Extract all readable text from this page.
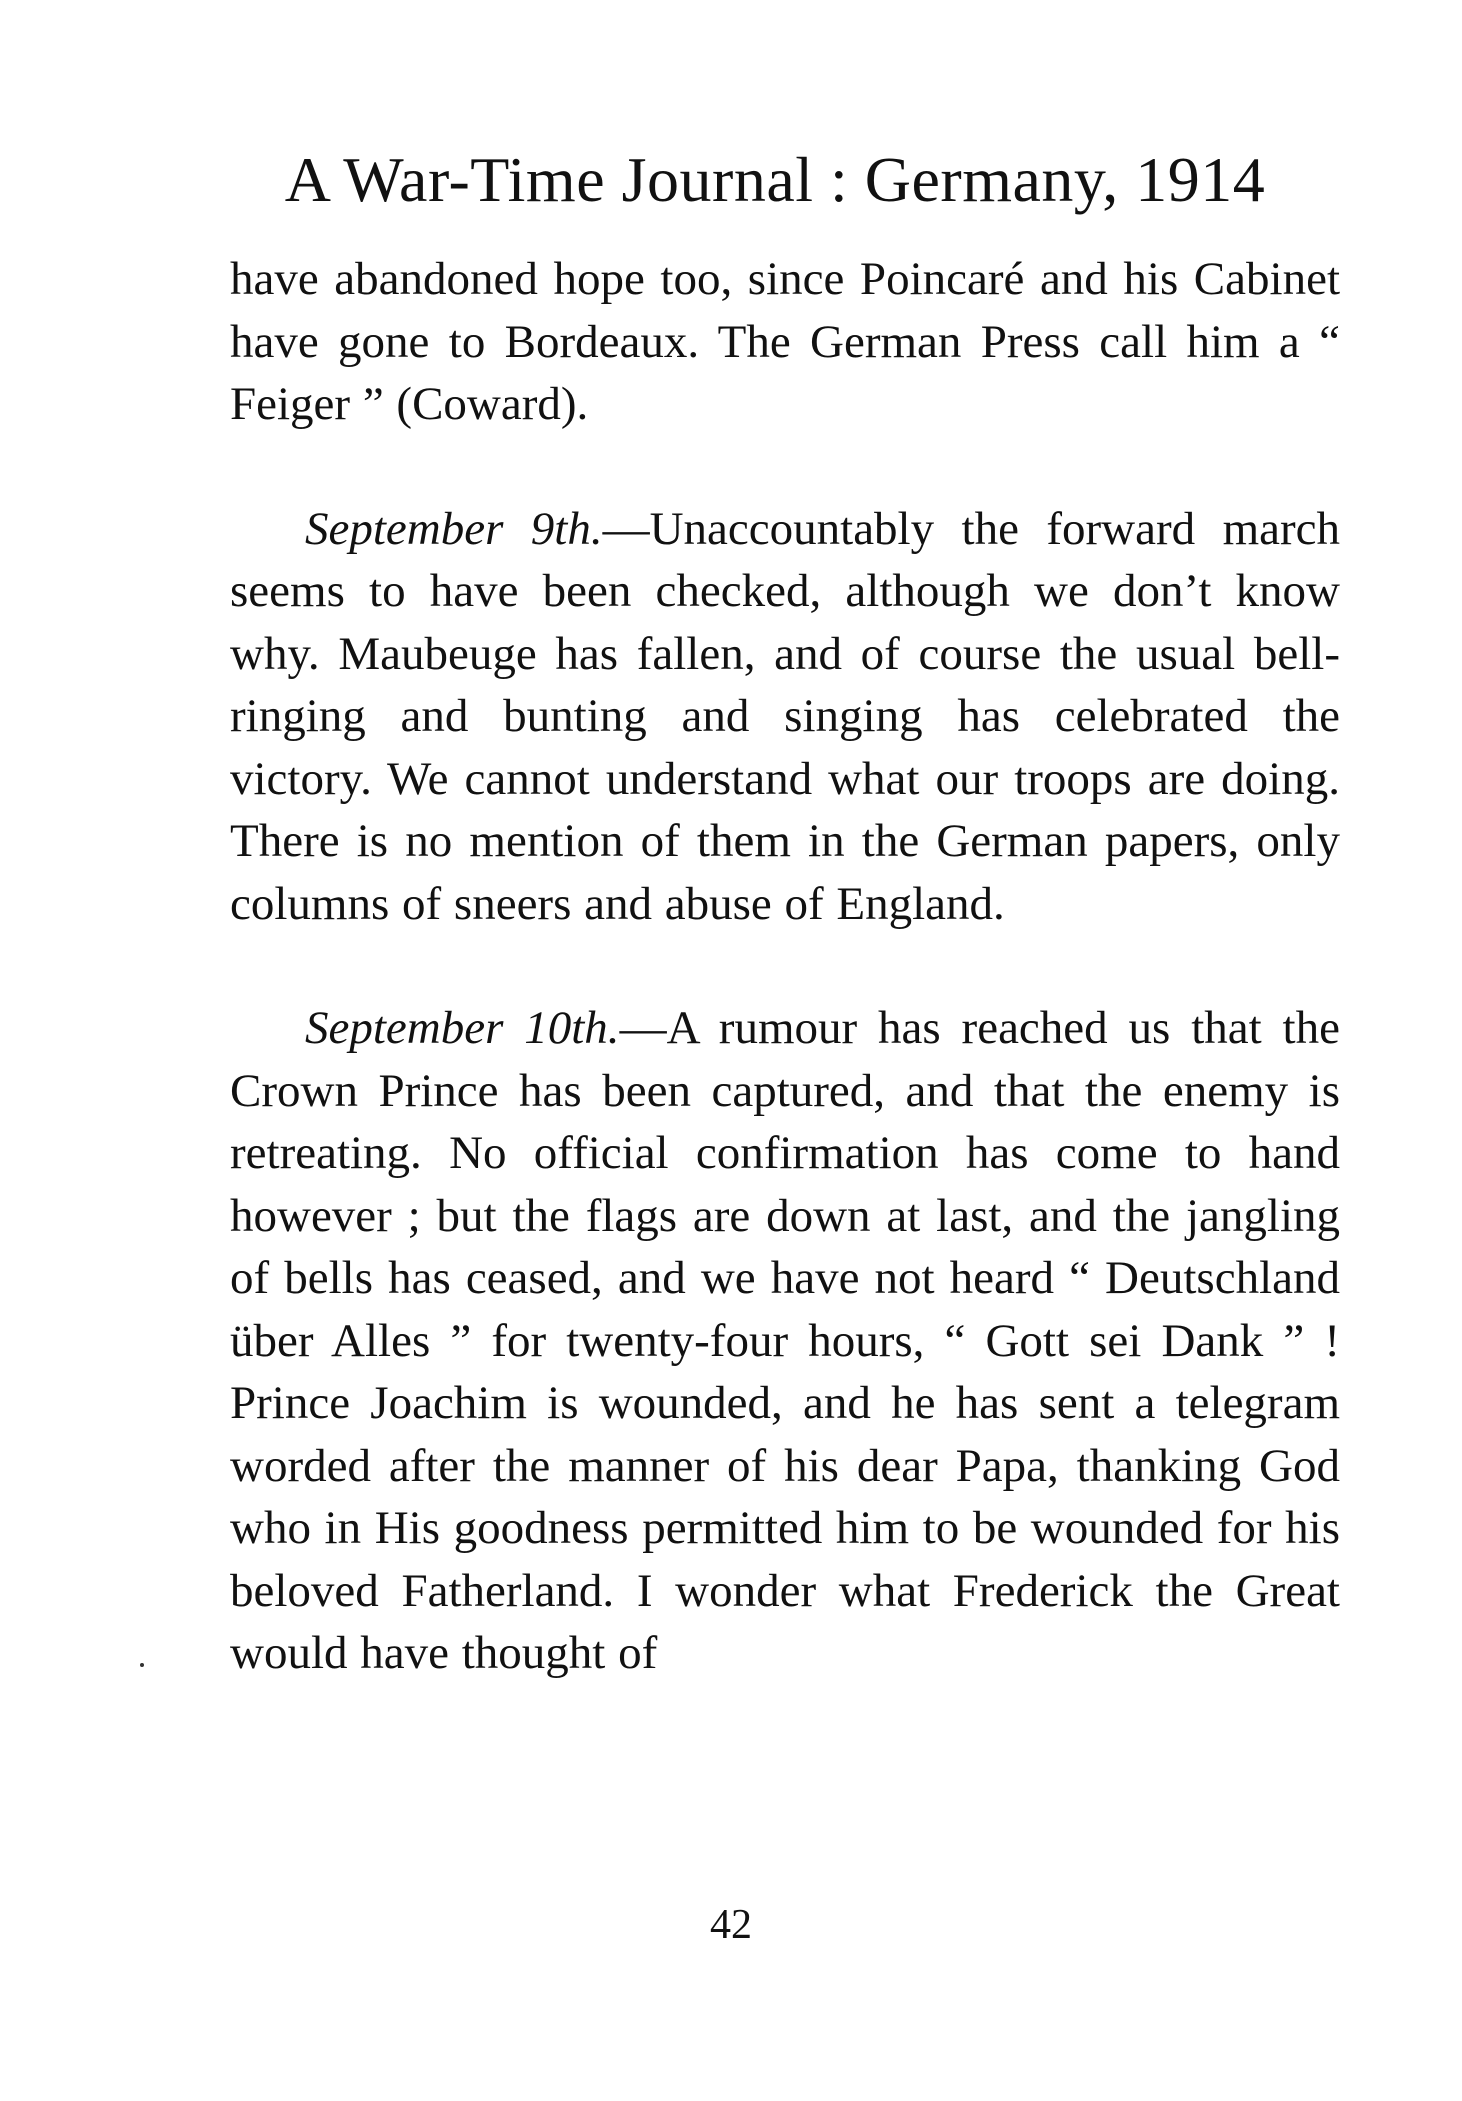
A War-Time Journal : Germany, 1914

have abandoned hope too, since Poincaré and his Cabinet have gone to Bordeaux. The German Press call him a “ Feiger ” (Coward).

September 9th.—Unaccountably the forward march seems to have been checked, although we don’t know why. Maubeuge has fallen, and of course the usual bell-ringing and bunting and singing has celebrated the victory. We cannot understand what our troops are doing. There is no mention of them in the German papers, only columns of sneers and abuse of England.

September 10th.—A rumour has reached us that the Crown Prince has been captured, and that the enemy is retreating. No official confirmation has come to hand however ; but the flags are down at last, and the jangling of bells has ceased, and we have not heard “ Deutschland über Alles ” for twenty-four hours, “ Gott sei Dank ” ! Prince Joachim is wounded, and he has sent a telegram worded after the manner of his dear Papa, thanking God who in His goodness permitted him to be wounded for his beloved Fatherland. I wonder what Frederick the Great would have thought of

42
